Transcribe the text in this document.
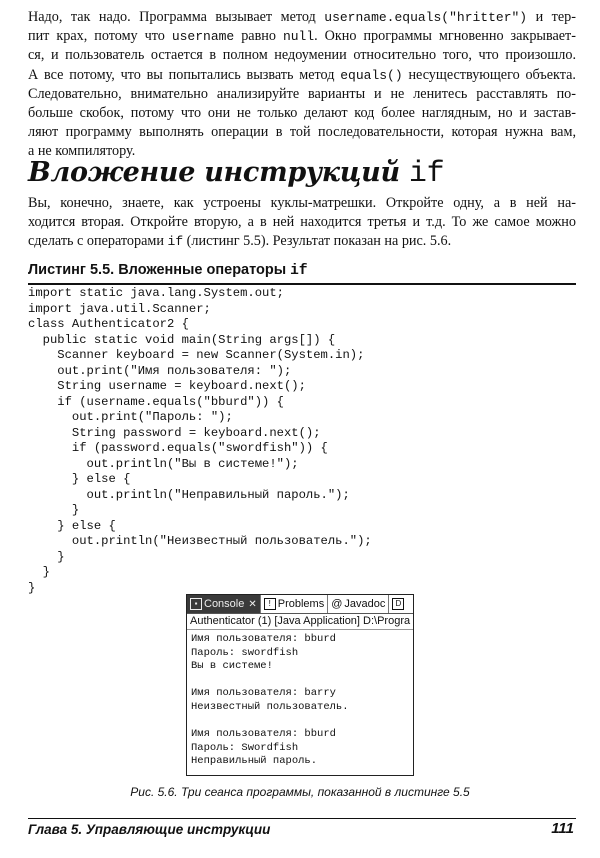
Надо, так надо. Программа вызывает метод username.equals("hritter") и тер-
пит крах, потому что username равно null. Окно программы мгновенно закрывает-
ся, и пользователь остается в полном недоумении относительно того, что произошло.
А все потому, что вы попытались вызвать метод equals() несуществующего объекта.
Следовательно, внимательно анализируйте варианты и не ленитесь расставлять по-
больше скобок, потому что они не только делают код более наглядным, но и застав-
ляют программу выполнять операции в той последовательности, которая нужна вам,
а не компилятору.
Вложение инструкций if
Вы, конечно, знаете, как устроены куклы-матрешки. Откройте одну, а в ней на-
ходится вторая. Откройте вторую, а в ней находится третья и т.д. То же самое можно
сделать с операторами if (листинг 5.5). Результат показан на рис. 5.6.
Листинг 5.5. Вложенные операторы if
import static java.lang.System.out;
import java.util.Scanner;
class Authenticator2 {
public static void main(String args[]) {
Scanner keyboard = new Scanner(System.in);
out.print("Имя пользователя: ");
String username = keyboard.next();
if (username.equals("bburd")) {
out.print("Пароль: ");
String password = keyboard.next();
if (password.equals("swordfish")) {
out.println("Вы в системе!");
} else {
out.println("Неправильный пароль.");
}
} else {
out.println("Неизвестный пользователь.");
}
}
}
▪ Console ✕	! Problems @ Javadoc	D
Authenticator (1) [Java Application] D:\Progra
Имя пользователя: bburd
Пароль: swordfish
Вы в системе!

Имя пользователя: barry
Неизвестный пользователь.

Имя пользователя: bburd
Пароль: Swordfish
Неправильный пароль.

Рис. 5.6. Три сеанса программы, показанной в листинге 5.5

Глава 5. Управляющие инструкции	111
